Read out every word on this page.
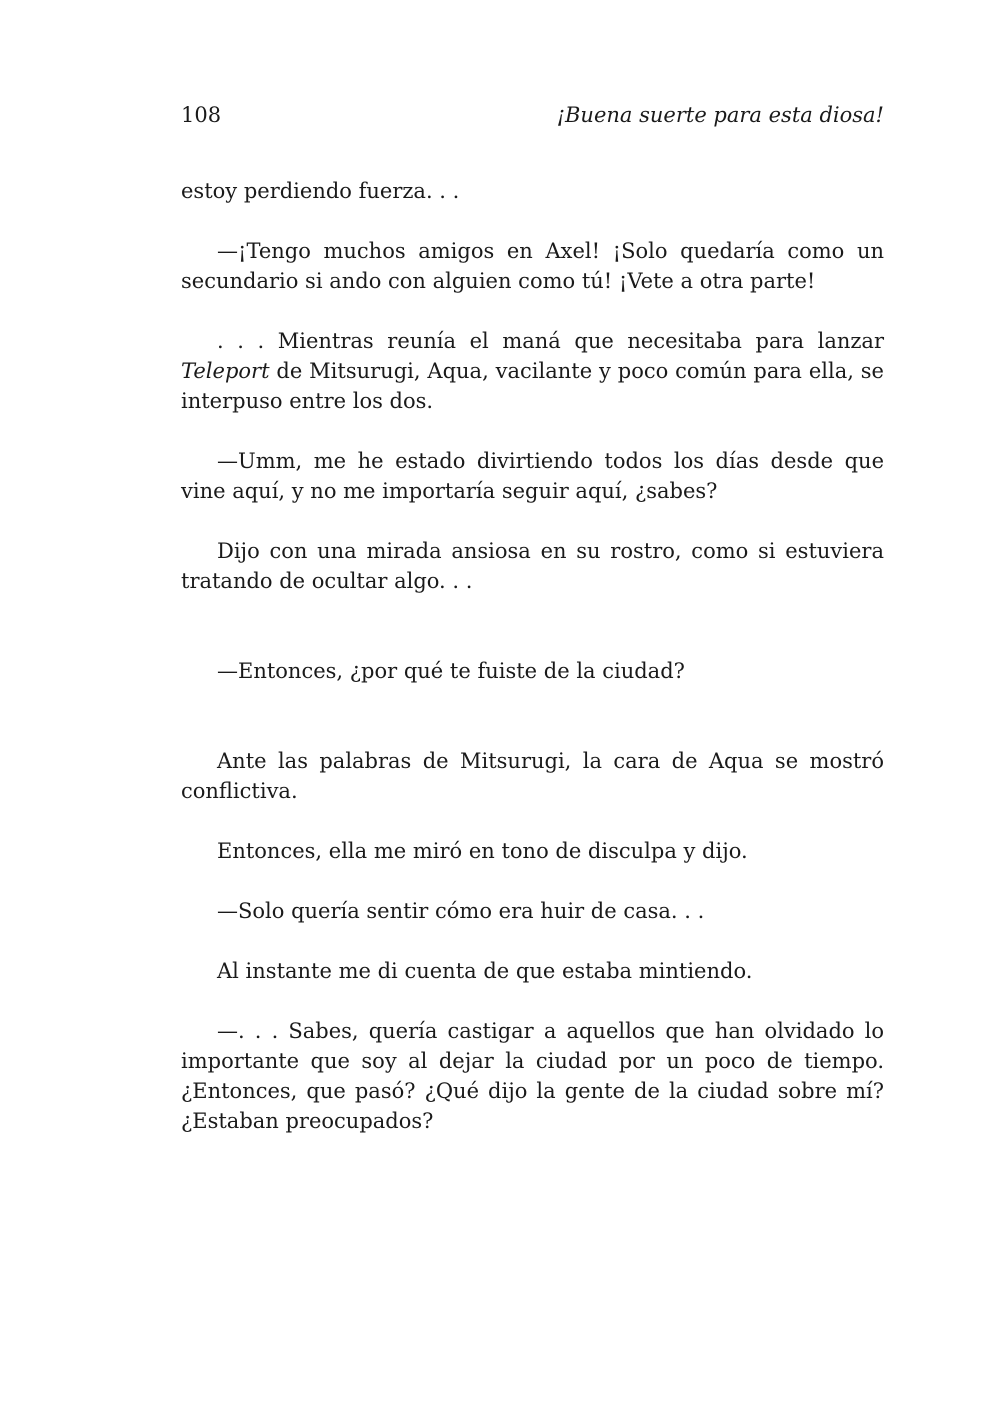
108	¡Buena suerte para esta diosa!

estoy perdiendo fuerza. . .

—¡Tengo muchos amigos en Axel! ¡Solo quedaría como un secundario si ando con alguien como tú! ¡Vete a otra parte!

. . . Mientras reunía el maná que necesitaba para lanzar Teleport de Mitsurugi, Aqua, vacilante y poco común para ella, se interpuso entre los dos.

—Umm, me he estado divirtiendo todos los días desde que vine aquí, y no me importaría seguir aquí, ¿sabes?

Dijo con una mirada ansiosa en su rostro, como si estuviera tratando de ocultar algo. . .

—Entonces, ¿por qué te fuiste de la ciudad?

Ante las palabras de Mitsurugi, la cara de Aqua se mostró conflictiva.

Entonces, ella me miró en tono de disculpa y dijo.

—Solo quería sentir cómo era huir de casa. . .

Al instante me di cuenta de que estaba mintiendo.

—. . . Sabes, quería castigar a aquellos que han olvidado lo importante que soy al dejar la ciudad por un poco de tiempo. ¿Entonces, que pasó? ¿Qué dijo la gente de la ciudad sobre mí? ¿Estaban preocupados?
